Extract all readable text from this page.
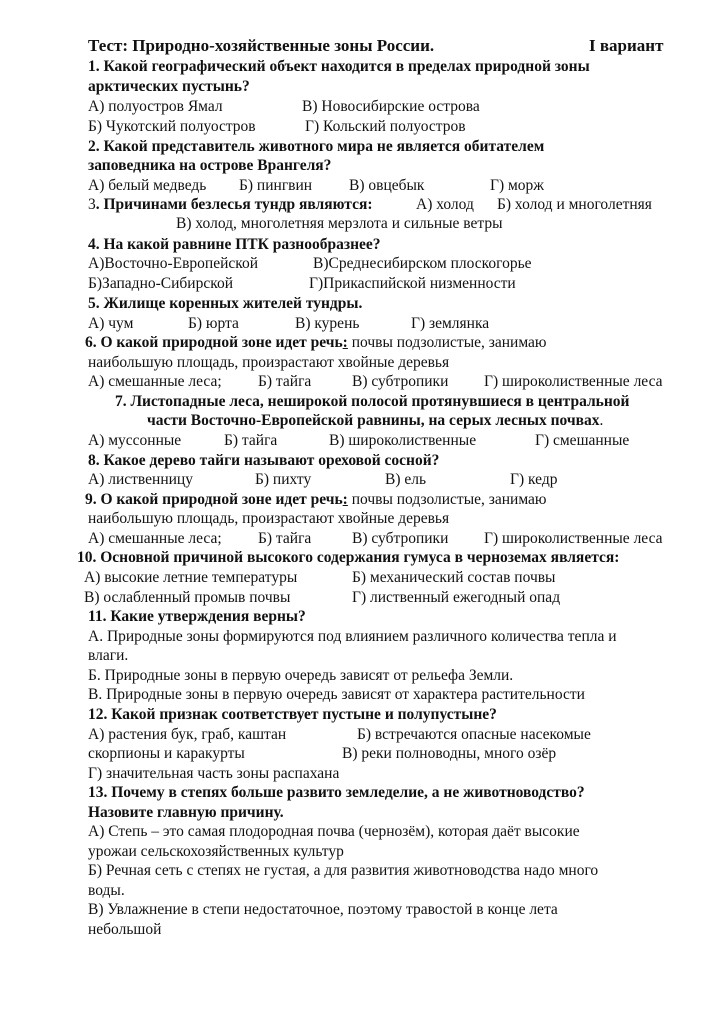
Тест: Природно-хозяйственные зоны России.	I вариант
1. Какой географический объект находится в пределах природной зоны
арктических пустынь?
А) полуостров Ямал	В) Новосибирские острова
Б) Чукотский полуостров	Г) Кольский полуостров
2. Какой представитель животного мира не является обитателем
заповедника на острове Врангеля?
А) белый медведь Б) пингвин В) овцебык	Г) морж
3. Причинами безлесья тундр являются:	А) холод Б) холод и многолетняя
В) холод, многолетняя мерзлота и сильные ветры
4. На какой равнине ПТК разнообразнее?
А)Восточно-Европейской	В)Среднесибирском плоскогорье
Б)Западно-Сибирской	Г)Прикаспийской низменности
5. Жилище коренных жителей тундры.
А) чум	Б) юрта	В) курень	Г) землянка
6. О какой природной зоне идет речь: почвы подзолистые, занимаю
наибольшую площадь, произрастают хвойные деревья
А) смешанные леса; Б) тайга	В) субтропики Г) широколиственные леса
7. Листопадные леса, неширокой полосой протянувшиеся в центральной
части Восточно-Европейской равнины, на серых лесных почвах.
А) муссонные	Б) тайга	В) широколиственные	Г) смешанные
8. Какое дерево тайги называют ореховой сосной?
А) лиственницу	Б) пихту	В) ель	Г) кедр
9. О какой природной зоне идет речь: почвы подзолистые, занимаю
наибольшую площадь, произрастают хвойные деревья
А) смешанные леса; Б) тайга	В) субтропики Г) широколиственные леса
10. Основной причиной высокого содержания гумуса в черноземах является:
А) высокие летние температуры	Б) механический состав почвы
В) ослабленный промыв почвы	Г) лиственный ежегодный опад
11. Какие утверждения верны?
А. Природные зоны формируются под влиянием различного количества тепла и
влаги.
Б. Природные зоны в первую очередь зависят от рельефа Земли.
В. Природные зоны в первую очередь зависят от характера растительности
12. Какой признак соответствует пустыне и полупустыне?
А) растения бук, граб, каштан	Б) встречаются опасные насекомые
скорпионы и каракурты	В) реки полноводны, много озёр
Г) значительная часть зоны распахана
13. Почему в степях больше развито земледелие, а не животноводство?
Назовите главную причину.
А) Степь – это самая плодородная почва (чернозём), которая даёт высокие
урожаи сельскохозяйственных культур
Б) Речная сеть с степях не густая, а для развития животноводства надо много
воды.
В) Увлажнение в степи недостаточное, поэтому травостой в конце лета
небольшой
